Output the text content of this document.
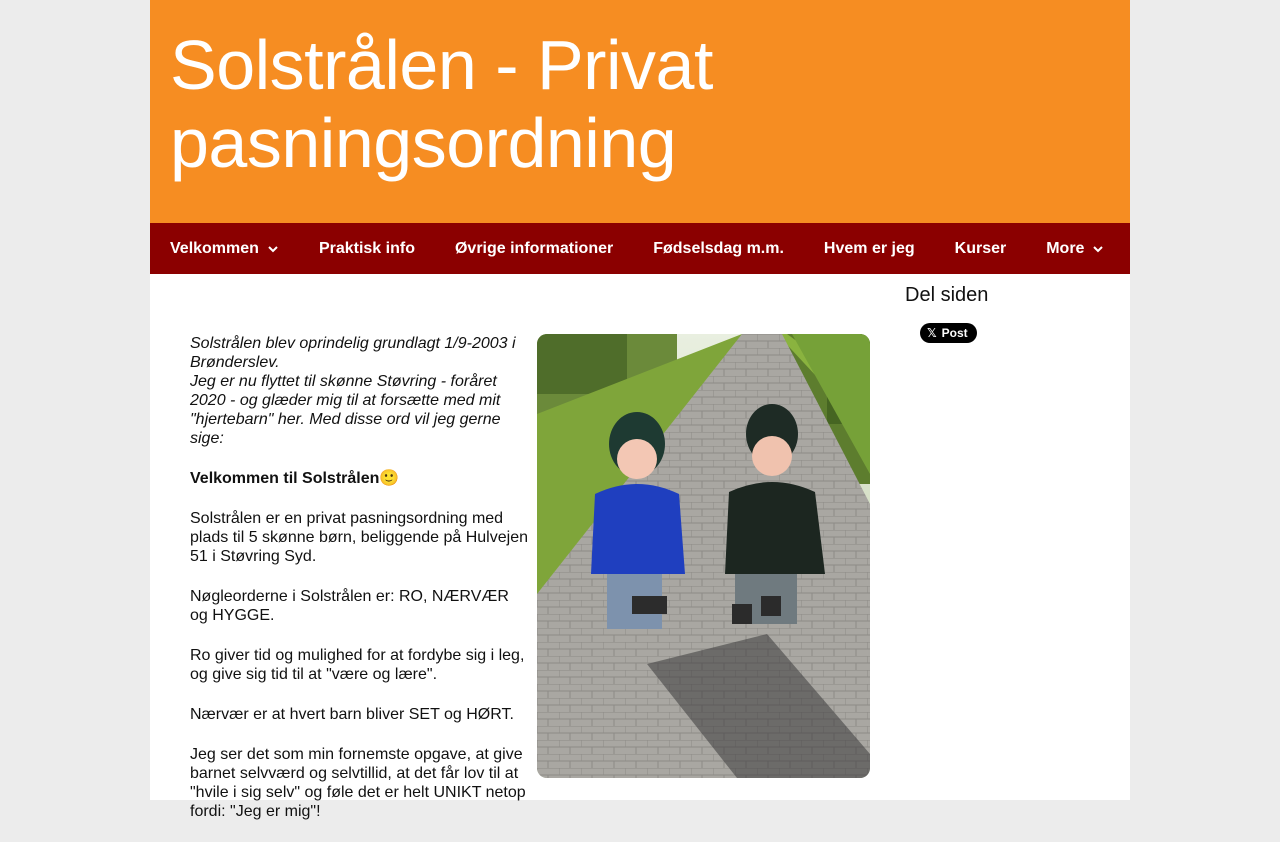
Solstrålen - Privat pasningsordning
Velkommen	Praktisk info	Øvrige informationer	Fødselsdag m.m.	Hvem er jeg	Kurser	More

Solstrålen blev oprindelig grundlagt 1/9-2003 i Brønderslev.
Jeg er nu flyttet til skønne Støvring - foråret 2020 - og glæder mig til at forsætte med mit "hjertebarn" her. Med disse ord vil jeg gerne sige:

Velkommen til Solstrålen🙂

Solstrålen er en privat pasningsordning med plads til 5 skønne børn, beliggende på Hulvejen 51 i Støvring Syd.

Nøgleorderne i Solstrålen er: RO, NÆRVÆR og HYGGE.

Ro giver tid og mulighed for at fordybe sig i leg, og give sig tid til at "være og lære".

Nærvær er at hvert barn bliver SET og HØRT.

Jeg ser det som min fornemste opgave, at give barnet selvværd og selvtillid, at det får lov til at "hvile i sig selv" og føle det er helt UNIKT netop fordi: "Jeg er mig"!

Del siden
𝕏 Post
